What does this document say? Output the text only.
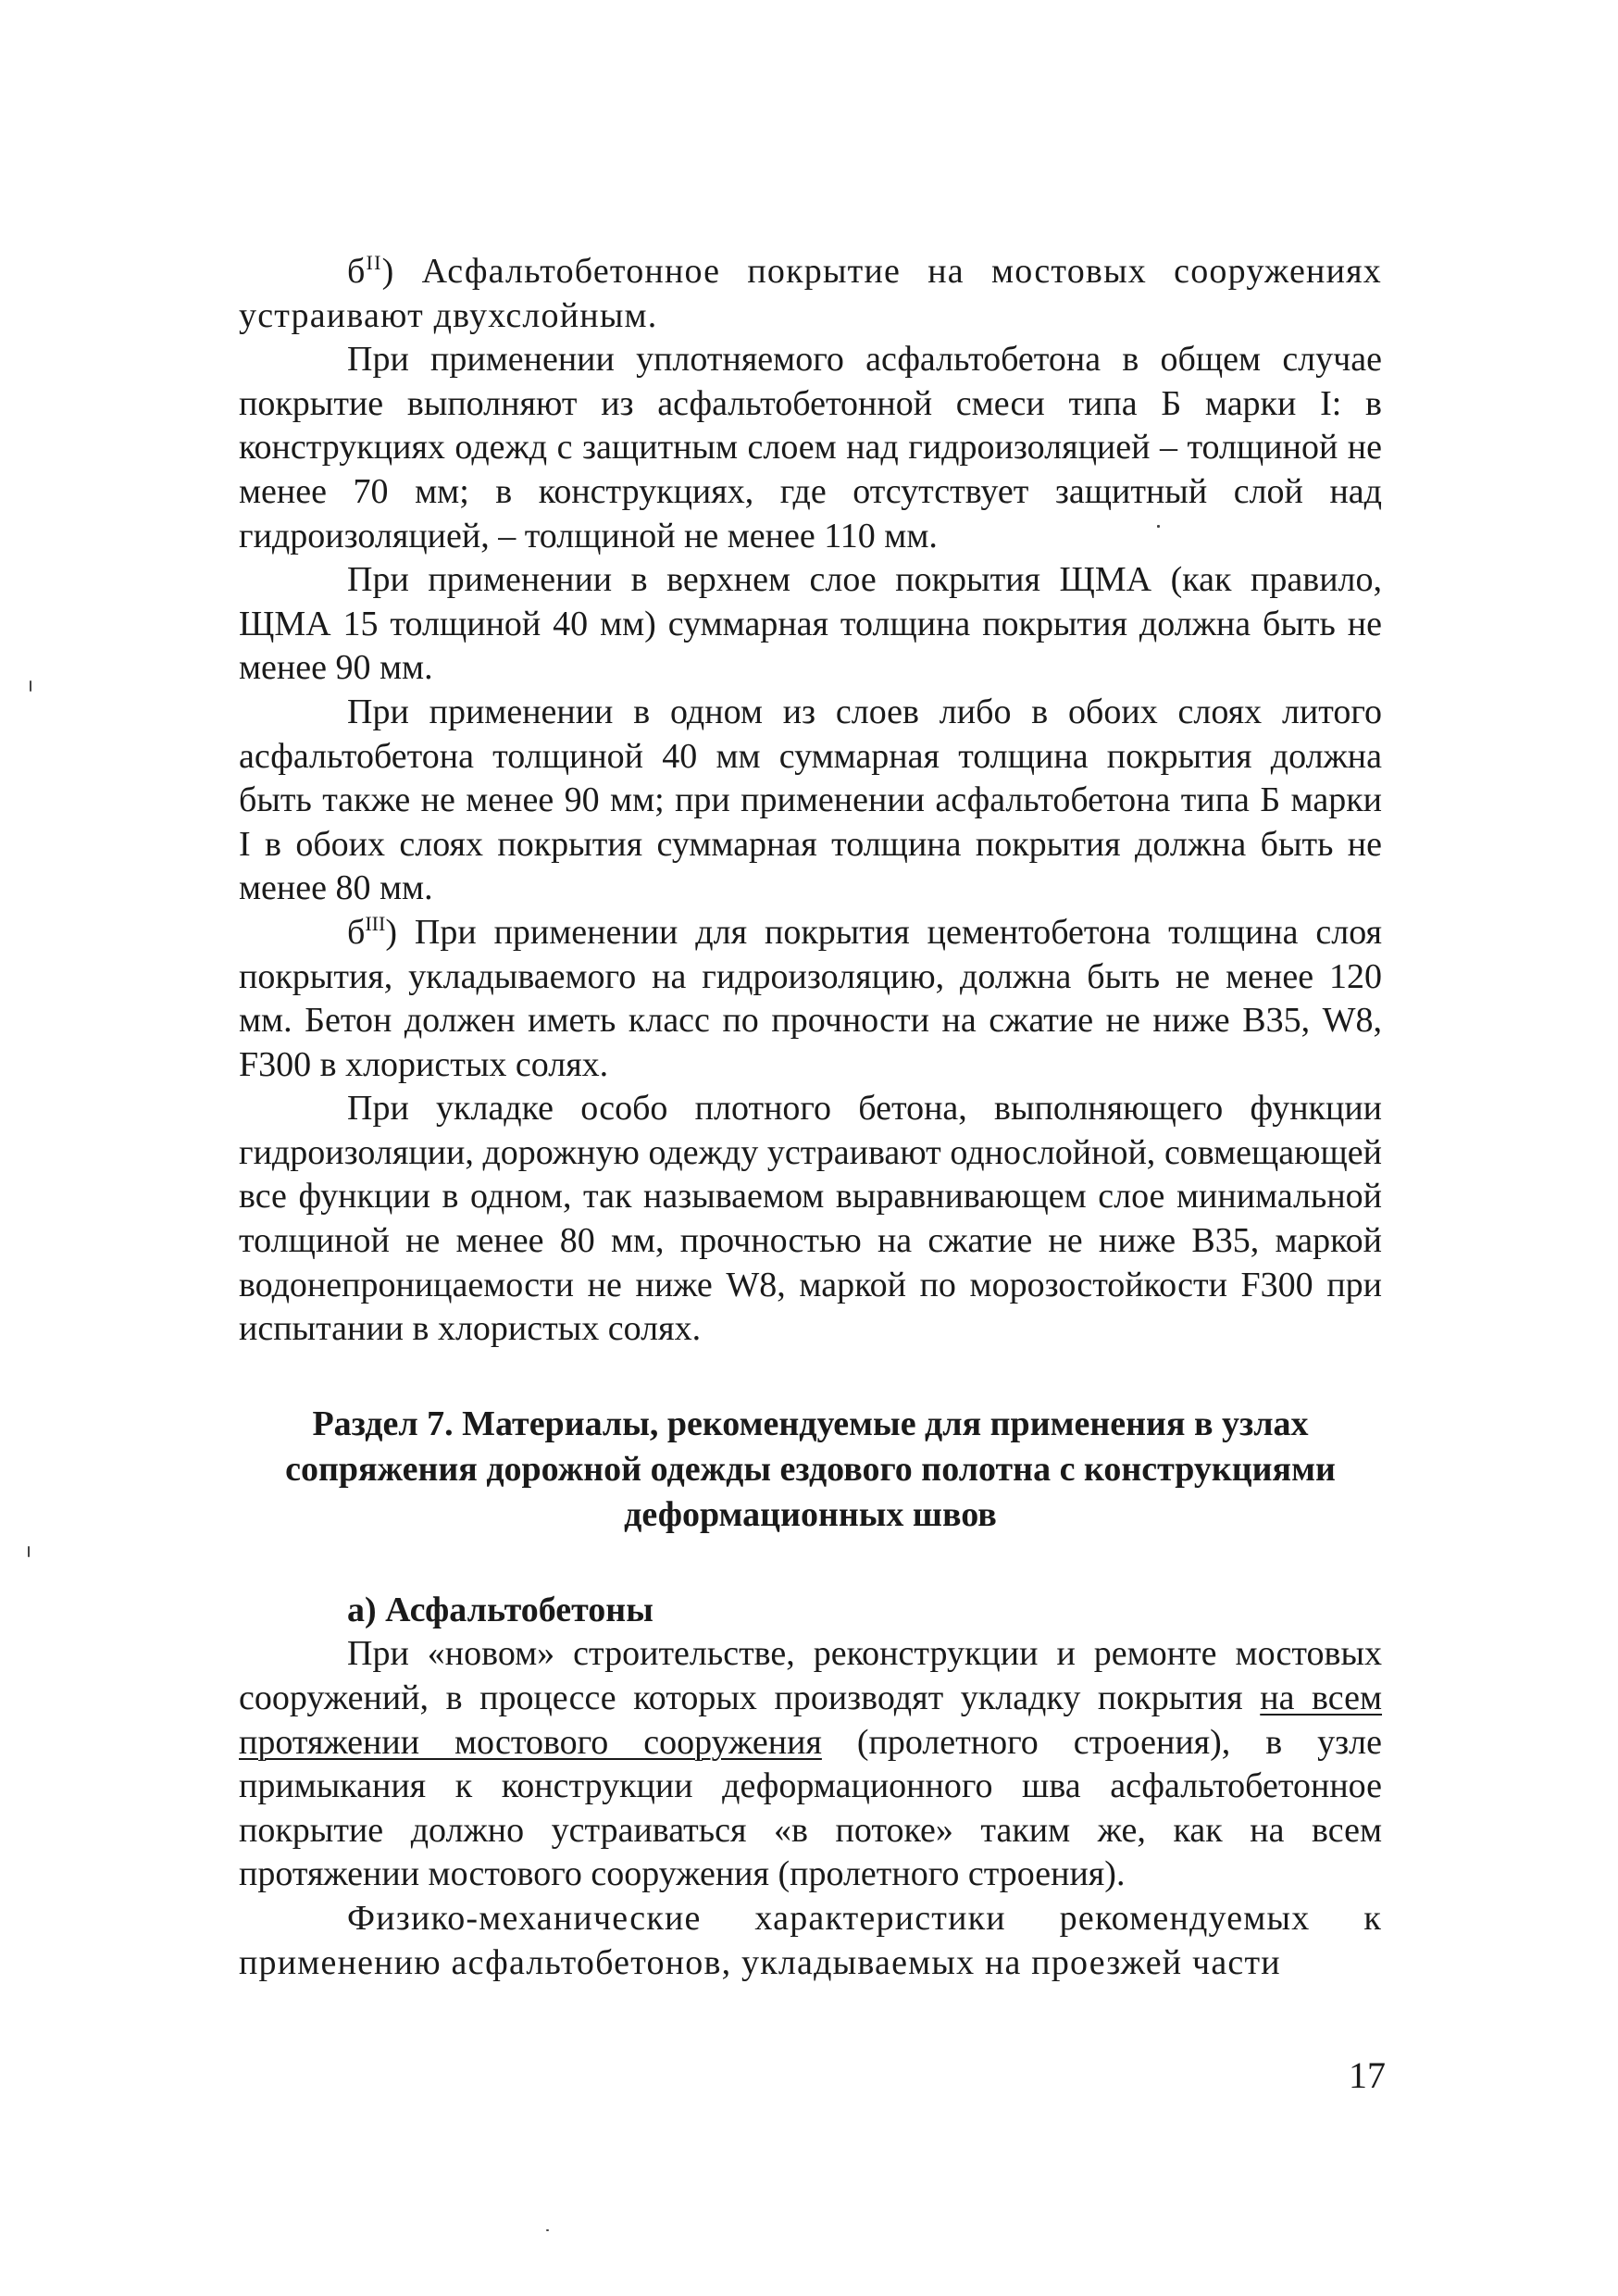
$б^{II}$) Асфальтобетонное покрытие на мостовых сооружениях устраивают двухслойным.

При применении уплотняемого асфальтобетона в общем случае покрытие выполняют из асфальтобетонной смеси типа Б марки I: в конструкциях одежд с защитным слоем над гидроизоляцией – толщиной не менее 70 мм; в конструкциях, где отсутствует защитный слой над гидроизоляцией, – толщиной не менее 110 мм.

При применении в верхнем слое покрытия ЩМА (как правило, ЩМА 15 толщиной 40 мм) суммарная толщина покрытия должна быть не менее 90 мм.

При применении в одном из слоев либо в обоих слоях литого асфальтобетона толщиной 40 мм суммарная толщина покрытия должна быть также не менее 90 мм; при применении асфальтобетона типа Б марки I в обоих слоях покрытия суммарная толщина покрытия должна быть не менее 80 мм.

$б^{III}$) При применении для покрытия цементобетона толщина слоя покрытия, укладываемого на гидроизоляцию, должна быть не менее 120 мм. Бетон должен иметь класс по прочности на сжатие не ниже В35, W8, F300 в хлористых солях.

При укладке особо плотного бетона, выполняющего функции гидроизоляции, дорожную одежду устраивают однослойной, совмещающей все функции в одном, так называемом выравнивающем слое минимальной толщиной не менее 80 мм, прочностью на сжатие не ниже В35, маркой водонепроницаемости не ниже W8, маркой по морозостойкости F300 при испытании в хлористых солях.

Раздел 7. Материалы, рекомендуемые для применения в узлах сопряжения дорожной одежды ездового полотна с конструкциями деформационных швов
а) Асфальтобетоны

При «новом» строительстве, реконструкции и ремонте мостовых сооружений, в процессе которых производят укладку покрытия на всем протяжении мостового сооружения (пролетного строения), в узле примыкания к конструкции деформационного шва асфальтобетонное покрытие должно устраиваться «в потоке» таким же, как на всем протяжении мостового сооружения (пролетного строения).

Физико-механические характеристики рекомендуемых к применению асфальтобетонов, укладываемых на проезжей части

17
